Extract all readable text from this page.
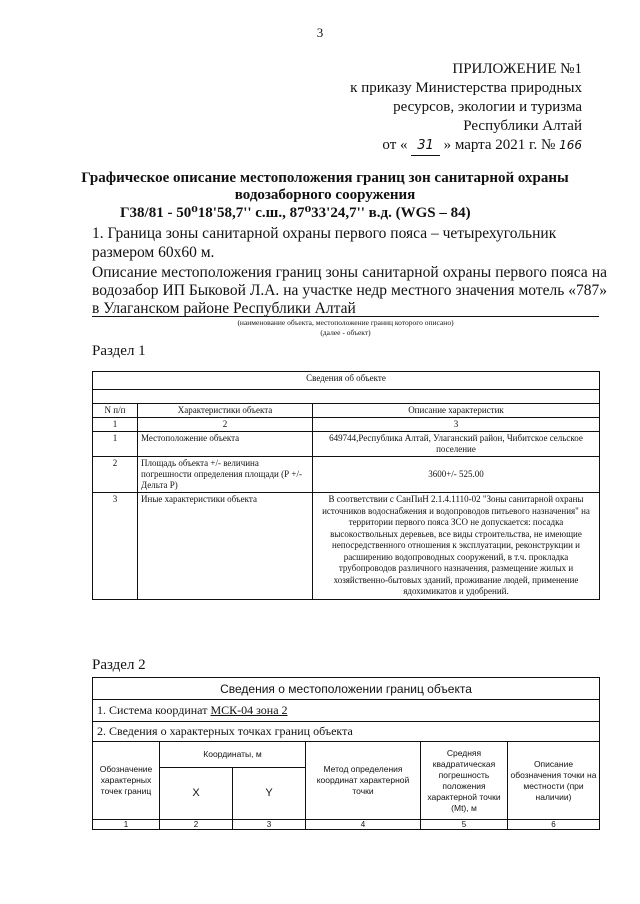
3
ПРИЛОЖЕНИЕ №1
к приказу Министерства природных
ресурсов, экологии и туризма
Республики Алтай
от « 31 » марта 2021 г. № 166
Графическое описание местоположения границ зон санитарной охраны водозаборного сооружения
Г38/81 - 50⁰18'58,7'' с.ш., 87⁰33'24,7'' в.д. (WGS – 84)
1. Граница зоны санитарной охраны первого пояса – четырехугольник размером 60х60 м.
Описание местоположения границ зоны санитарной охраны первого пояса на водозабор ИП Быковой Л.А. на участке недр местного значения мотель «787» в Улаганском районе Республики Алтай
(наименование объекта, местоположение границ которого описано)
(далее - объект)
Раздел 1
Сведения об объекте		

N п/п	Характеристики объекта	Описание характеристик
1	2	3
1	Местоположение объекта	649744,Республика Алтай, Улаганский район, Чибитское сельское поселение
2	Площадь объекта +/- величина погрешности определения площади (Р +/- Дельта Р)	3600+/- 525.00
3	Иные характеристики объекта	В соответствии с СанПиН 2.1.4.1110-02 "Зоны санитарной охраны источников водоснабжения и водопроводов питьевого назначения" на территории первого пояса ЗСО не допускается: посадка высокоствольных деревьев, все виды строительства, не имеющие непосредственного отношения к эксплуатации, реконструкции и расширению водопроводных сооружений, в т.ч. прокладка трубопроводов различного назначения, размещение жилых и хозяйственно-бытовых зданий, проживание людей, применение ядохимикатов и удобрений.
Раздел 2
Сведения о местоположении границ объекта					
1. Система координат МСК-04 зона 2					
2. Сведения о характерных точках границ объекта					
Обозначение характерных точек границ	Координаты, м		Метод определения координат характерной точки	Средняя квадратическая погрешность положения характерной точки (Mt), м	Описание обозначения точки на местности (при наличии)
	X	Y			
1	2	3	4	5	6
